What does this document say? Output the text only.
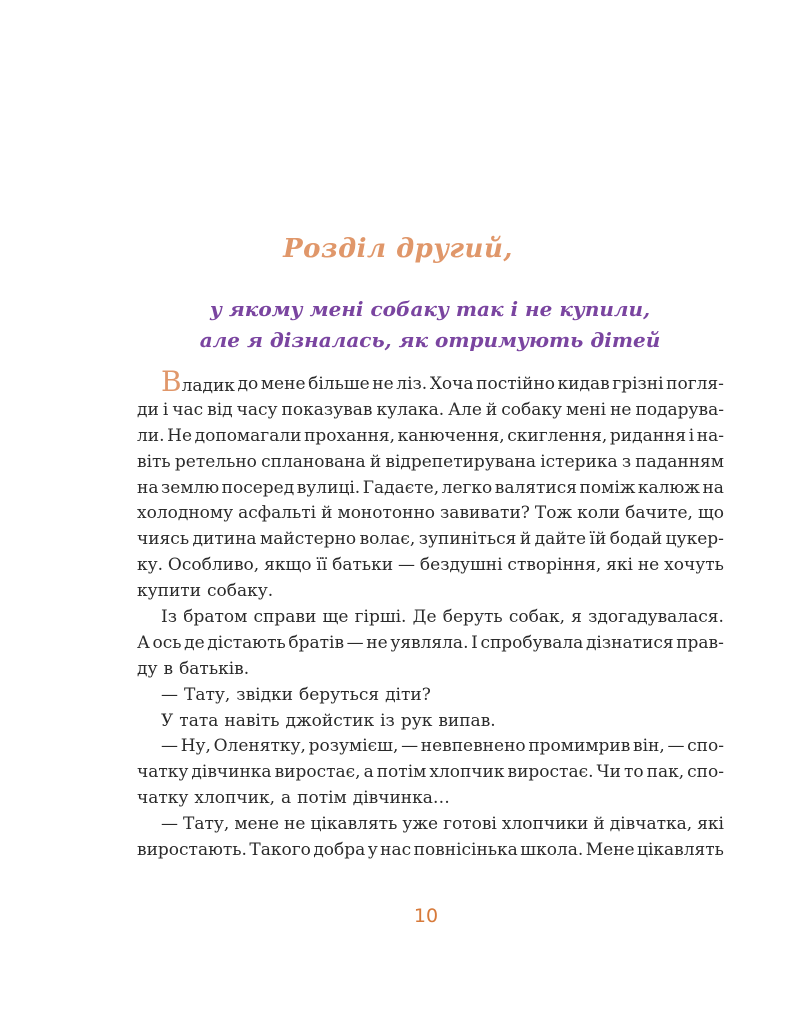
Розділ другий,
у якому мені собаку так і не купили,
але я дізналась, як отримують дітей
Владик до мене більше не ліз. Хоча постійно кидав грізні погля-
ди і час від часу показував кулака. Але й собаку мені не подарува-
ли. Не допомагали прохання, канючення, скиглення, ридання і на-
віть ретельно спланована й відрепетирувана істерика з паданням
на землю посеред вулиці. Гадаєте, легко валятися поміж калюж на
холодному асфальті й монотонно завивати? Тож коли бачите, що
чиясь дитина майстерно волає, зупиніться й дайте їй бодай цукер-
ку. Особливо, якщо її батьки — бездушні створіння, які не хочуть
купити собаку.
Із братом справи ще гірші. Де беруть собак, я здогадувалася.
А ось де дістають братів — не уявляла. І спробувала дізнатися прав-
ду в батьків.
— Тату, звідки беруться діти?
У тата навіть джойстик із рук випав.
— Ну, Оленятку, розумієш, — невпевнено промимрив він, — спо-
чатку дівчинка виростає, а потім хлопчик виростає. Чи то пак, спо-
чатку хлопчик, а потім дівчинка…
— Тату, мене не цікавлять уже готові хлопчики й дівчатка, які
виростають. Такого добра у нас повнісінька школа. Мене цікавлять
10
